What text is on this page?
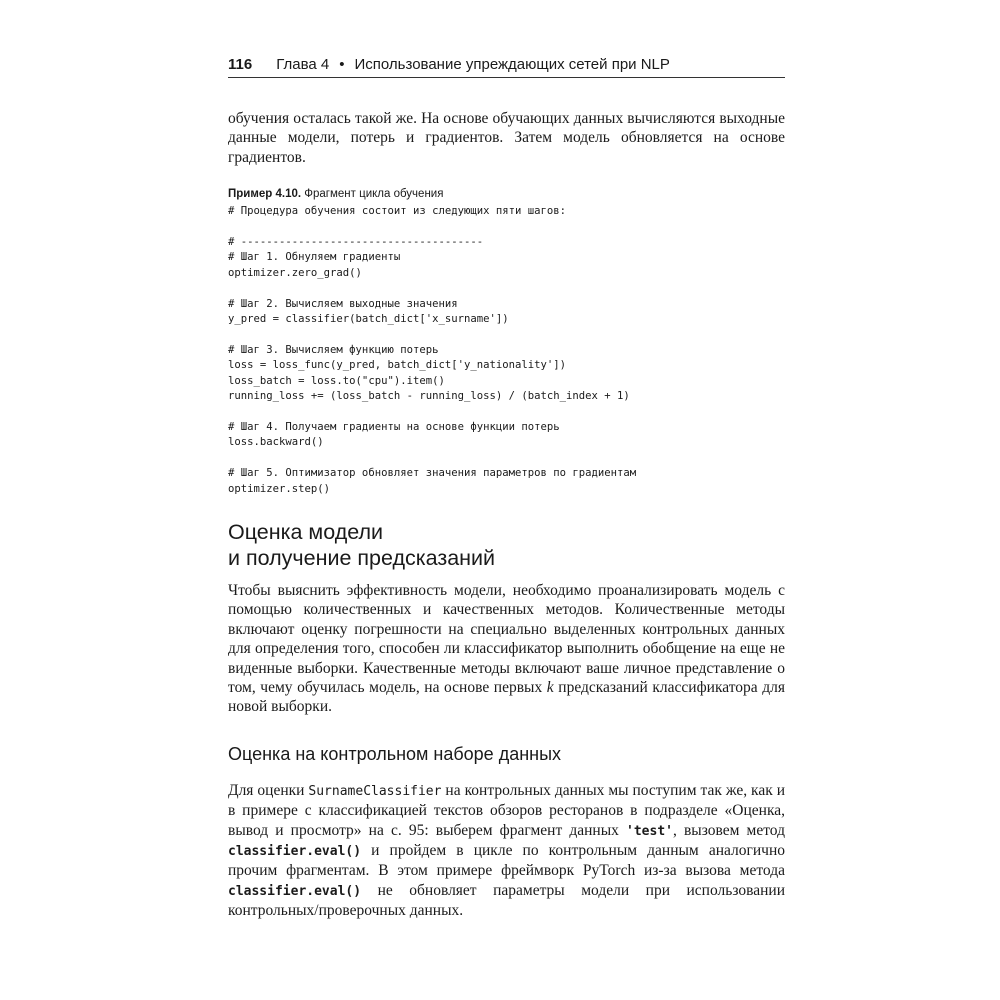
116 Глава 4 • Использование упреждающих сетей при NLP

обучения осталась такой же. На основе обучающих данных вычисляются выходные данные модели, потерь и градиентов. Затем модель обновляется на основе градиентов.

Пример 4.10. Фрагмент цикла обучения
# Процедура обучения состоит из следующих пяти шагов:

# --------------------------------------
# Шаг 1. Обнуляем градиенты
optimizer.zero_grad()

# Шаг 2. Вычисляем выходные значения
y_pred = classifier(batch_dict['x_surname'])

# Шаг 3. Вычисляем функцию потерь
loss = loss_func(y_pred, batch_dict['y_nationality'])
loss_batch = loss.to("cpu").item()
running_loss += (loss_batch - running_loss) / (batch_index + 1)

# Шаг 4. Получаем градиенты на основе функции потерь
loss.backward()

# Шаг 5. Оптимизатор обновляет значения параметров по градиентам
optimizer.step()
Оценка модели
и получение предсказаний

Чтобы выяснить эффективность модели, необходимо проанализировать модель с помощью количественных и качественных методов. Количественные методы включают оценку погрешности на специально выделенных контрольных данных для определения того, способен ли классификатор выполнить обобщение на еще не виденные выборки. Качественные методы включают ваше личное представление о том, чему обучилась модель, на основе первых k предсказаний классификатора для новой выборки.

Оценка на контрольном наборе данных

Для оценки SurnameClassifier на контрольных данных мы поступим так же, как и в примере с классификацией текстов обзоров ресторанов в подразделе «Оценка, вывод и просмотр» на с. 95: выберем фрагмент данных 'test', вызовем метод classifier.eval() и пройдем в цикле по контрольным данным аналогично прочим фрагментам. В этом примере фреймворк PyTorch из-за вызова метода classifier.eval() не обновляет параметры модели при использовании контрольных/проверочных данных.
